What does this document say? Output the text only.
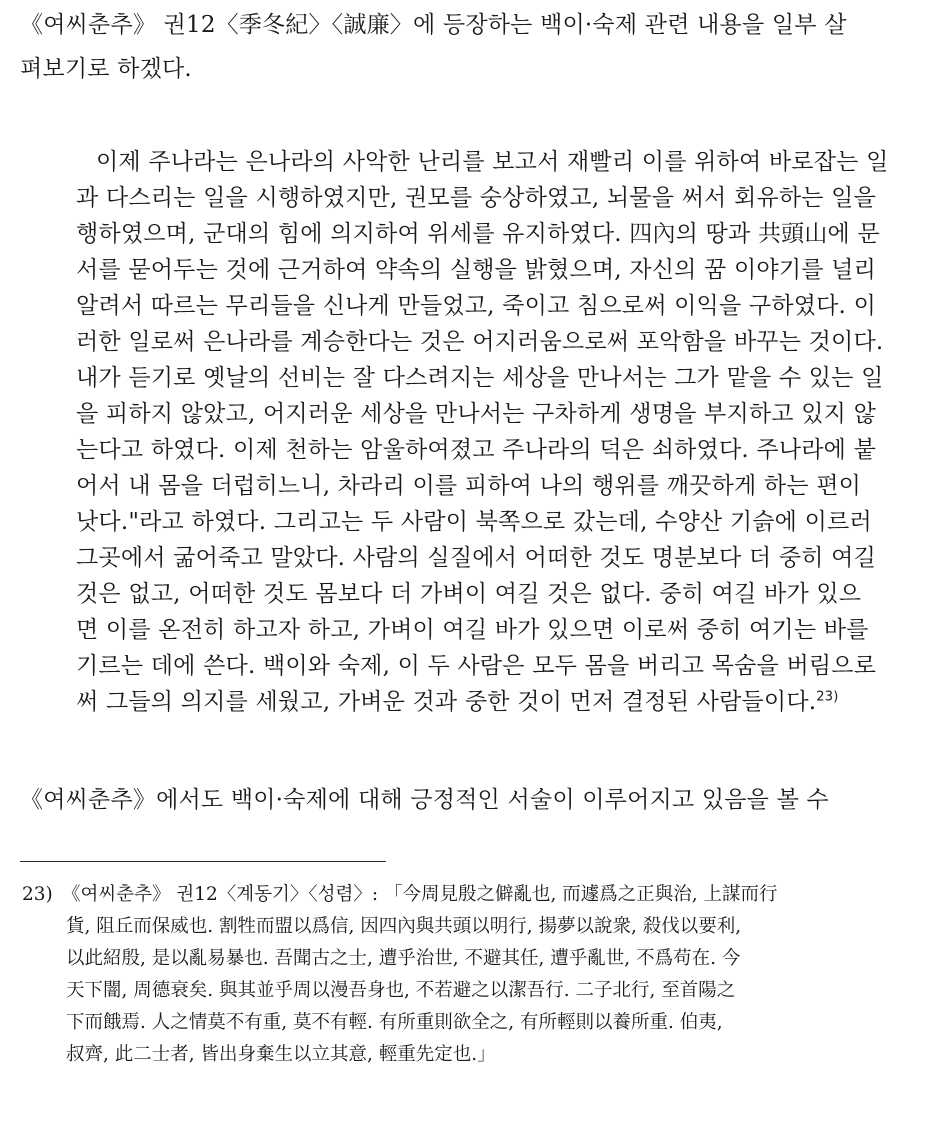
《여씨춘추》 권12〈季冬紀〉〈誠廉〉에 등장하는 백이·숙제 관련 내용을 일부 살
펴보기로 하겠다.
이제 주나라는 은나라의 사악한 난리를 보고서 재빨리 이를 위하여 바로잡는 일
과 다스리는 일을 시행하였지만, 권모를 숭상하였고, 뇌물을 써서 회유하는 일을
행하였으며, 군대의 힘에 의지하여 위세를 유지하였다. 四內의 땅과 共頭山에 문
서를 묻어두는 것에 근거하여 약속의 실행을 밝혔으며, 자신의 꿈 이야기를 널리
알려서 따르는 무리들을 신나게 만들었고, 죽이고 침으로써 이익을 구하였다. 이
러한 일로써 은나라를 계승한다는 것은 어지러움으로써 포악함을 바꾸는 것이다.
내가 듣기로 옛날의 선비는 잘 다스려지는 세상을 만나서는 그가 맡을 수 있는 일
을 피하지 않았고, 어지러운 세상을 만나서는 구차하게 생명을 부지하고 있지 않
는다고 하였다. 이제 천하는 암울하여졌고 주나라의 덕은 쇠하였다. 주나라에 붙
어서 내 몸을 더럽히느니, 차라리 이를 피하여 나의 행위를 깨끗하게 하는 편이
낫다."라고 하였다. 그리고는 두 사람이 북쪽으로 갔는데, 수양산 기슭에 이르러
그곳에서 굶어죽고 말았다. 사람의 실질에서 어떠한 것도 명분보다 더 중히 여길
것은 없고, 어떠한 것도 몸보다 더 가벼이 여길 것은 없다. 중히 여길 바가 있으
면 이를 온전히 하고자 하고, 가벼이 여길 바가 있으면 이로써 중히 여기는 바를
기르는 데에 쓴다. 백이와 숙제, 이 두 사람은 모두 몸을 버리고 목숨을 버림으로
써 그들의 의지를 세웠고, 가벼운 것과 중한 것이 먼저 결정된 사람들이다.$^{23)}$
《여씨춘추》에서도 백이·숙제에 대해 긍정적인 서술이 이루어지고 있음을 볼 수
23) 《여씨춘추》 권12〈계동기〉〈성렴〉: 「今周見殷之僻亂也, 而遽爲之正與治, 上謀而行
貨, 阻丘而保威也. 割牲而盟以爲信, 因四內與共頭以明行, 揚夢以說衆, 殺伐以要利,
以此紹殷, 是以亂易暴也. 吾聞古之士, 遭乎治世, 不避其任, 遭乎亂世, 不爲苟在. 今
天下闇, 周德衰矣. 與其並乎周以漫吾身也, 不若避之以潔吾行. 二子北行, 至首陽之
下而餓焉. 人之情莫不有重, 莫不有輕. 有所重則欲全之, 有所輕則以養所重. 伯夷,
叔齊, 此二士者, 皆出身棄生以立其意, 輕重先定也.」
